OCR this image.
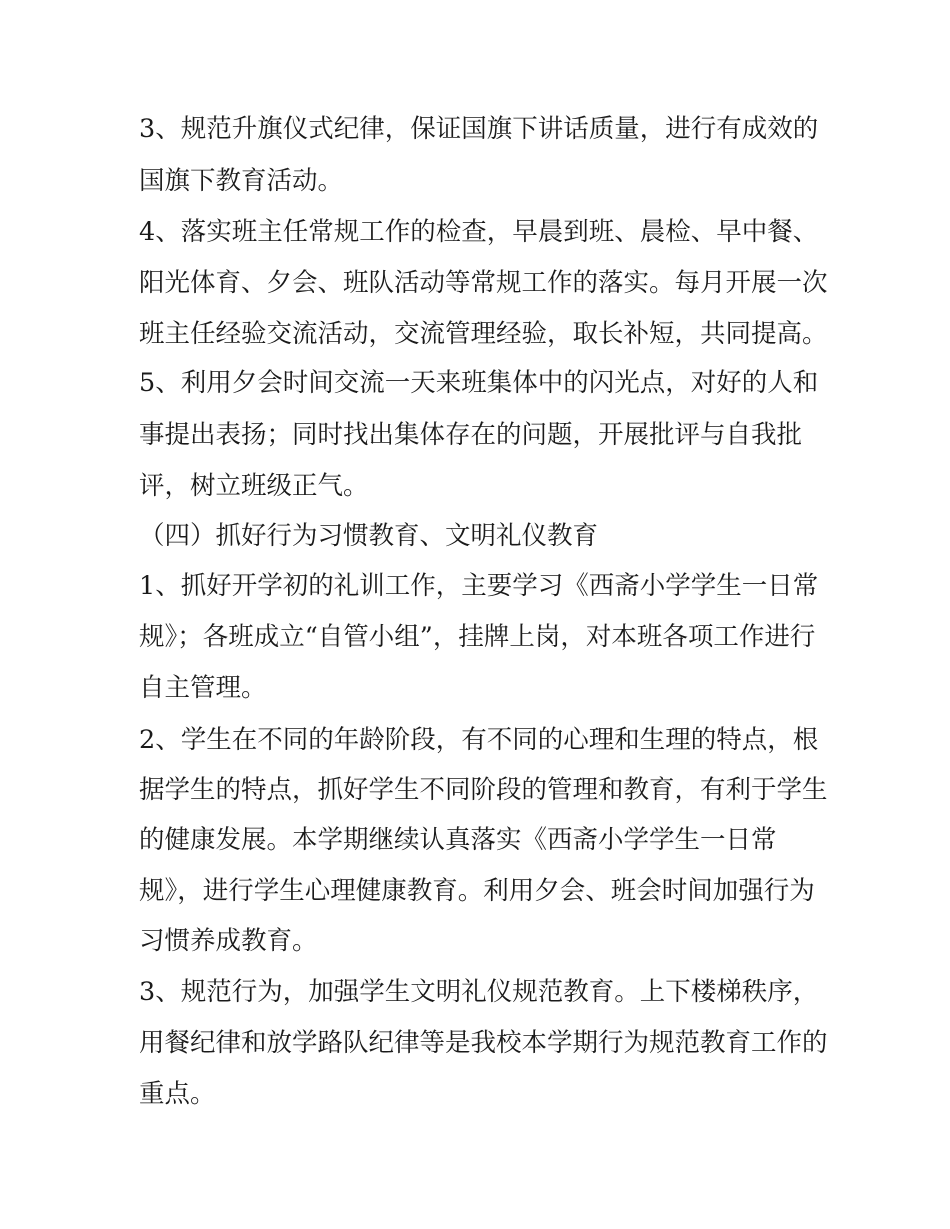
3、规范升旗仪式纪律，保证国旗下讲话质量，进行有成效的
国旗下教育活动。
4、落实班主任常规工作的检查，早晨到班、晨检、早中餐、
阳光体育、夕会、班队活动等常规工作的落实。每月开展一次
班主任经验交流活动，交流管理经验，取长补短，共同提高。
5、利用夕会时间交流一天来班集体中的闪光点，对好的人和
事提出表扬；同时找出集体存在的问题，开展批评与自我批
评，树立班级正气。
（四）抓好行为习惯教育、文明礼仪教育
1、抓好开学初的礼训工作，主要学习《西斋小学学生一日常
规》；各班成立“自管小组”，挂牌上岗，对本班各项工作进行
自主管理。
2、学生在不同的年龄阶段，有不同的心理和生理的特点，根
据学生的特点，抓好学生不同阶段的管理和教育，有利于学生
的健康发展。本学期继续认真落实《西斋小学学生一日常
规》，进行学生心理健康教育。利用夕会、班会时间加强行为
习惯养成教育。
3、规范行为，加强学生文明礼仪规范教育。上下楼梯秩序，
用餐纪律和放学路队纪律等是我校本学期行为规范教育工作的
重点。
